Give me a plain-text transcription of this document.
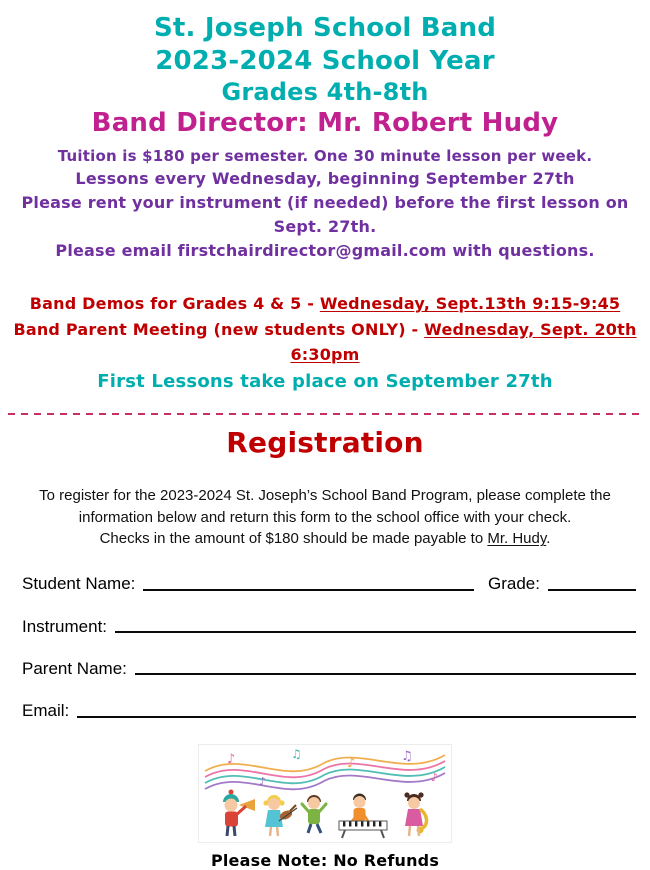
St. Joseph School Band
2023-2024 School Year
Grades 4th-8th
Band Director: Mr. Robert Hudy
Tuition is $180 per semester. One 30 minute lesson per week.
Lessons every Wednesday, beginning September 27th
Please rent your instrument (if needed) before the first lesson on Sept. 27th.
Please email firstchairdirector@gmail.com with questions.
Band Demos for Grades 4 & 5 - Wednesday, Sept.13th 9:15-9:45
Band Parent Meeting (new students ONLY) - Wednesday, Sept. 20th 6:30pm
First Lessons take place on September 27th
Registration
To register for the 2023-2024 St. Joseph’s School Band Program, please complete the
information below and return this form to the school office with your check.
Checks in the amount of $180 should be made payable to Mr. Hudy.
Student Name:	Grade:
Instrument:
Parent Name:
Email:
♪	♫
♪	♫
♪
♪
Please Note: No Refunds
